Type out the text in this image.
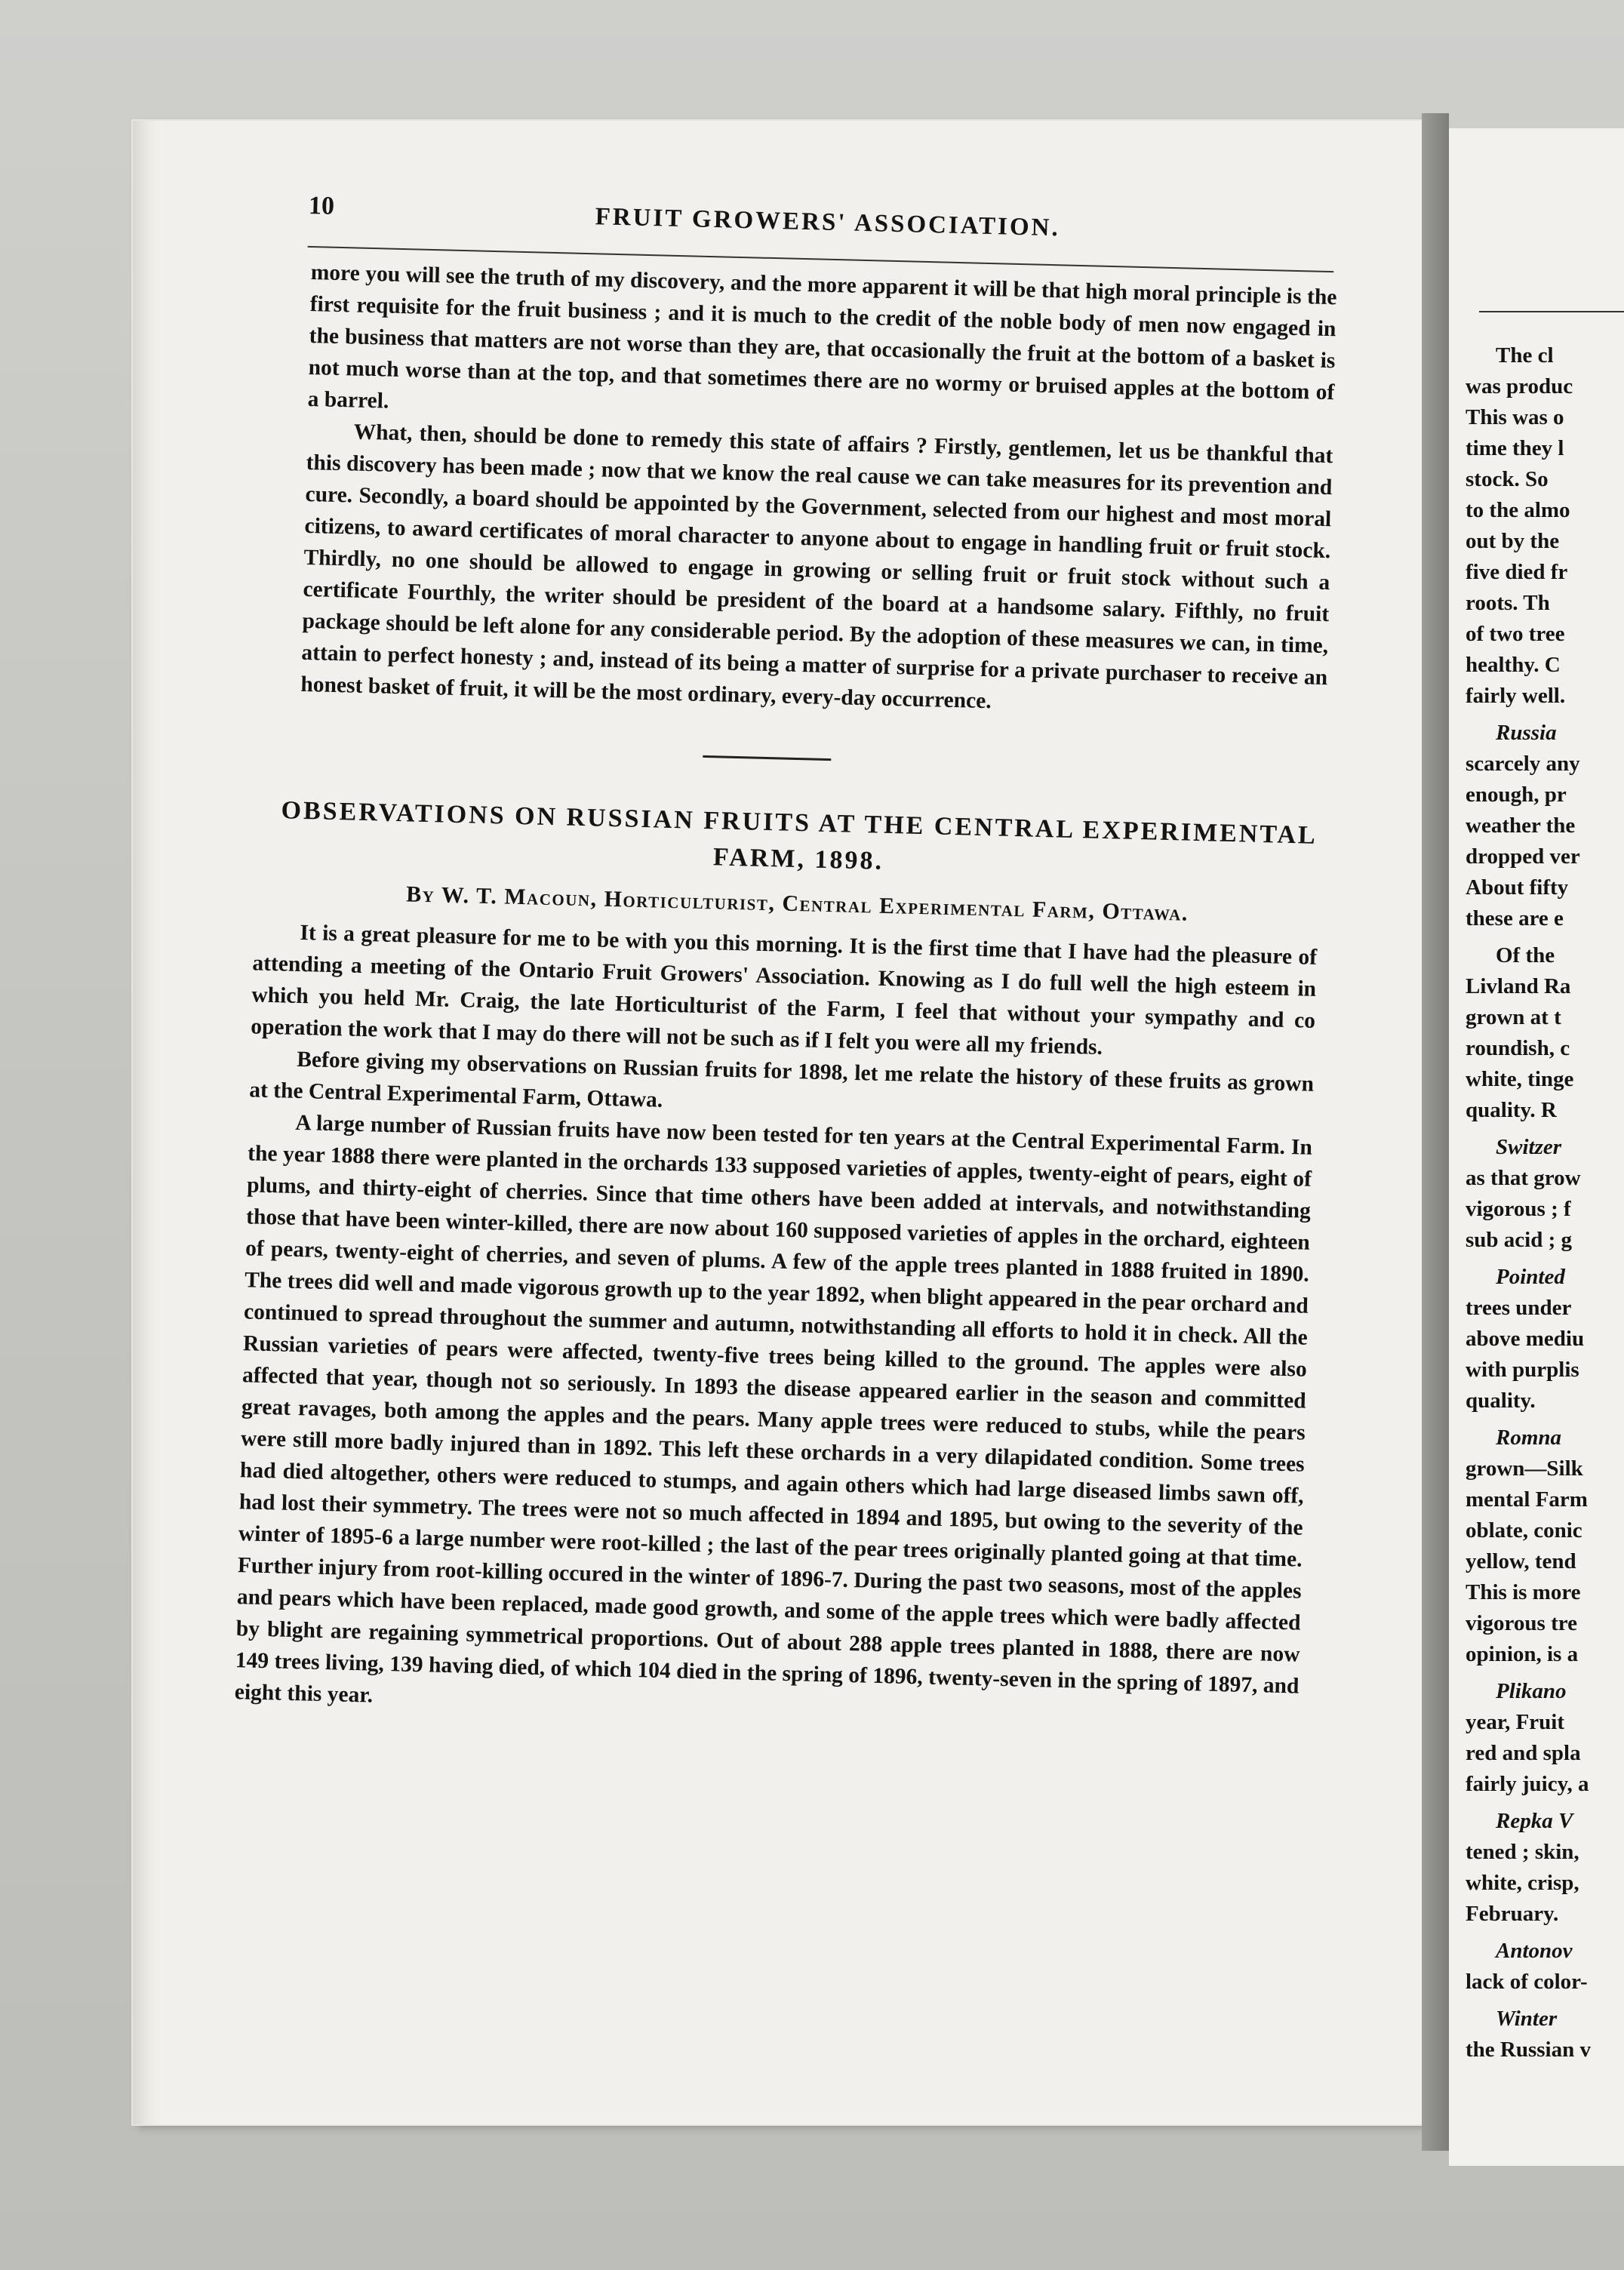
The cl
was produc
This was o
time they l
stock. So
to the almo
out by the
five died fr
roots. Th
of two tree
healthy. C
fairly well.
Russia
scarcely any
enough, pr
weather the
dropped ver
About fifty
these are e
Of the
Livland Ra
grown at t
roundish, c
white, tinge
quality. R
Switzer
as that grow
vigorous ; f
sub acid ; g
Pointed
trees under
above mediu
with purplis
quality.
Romna
grown—Silk
mental Farm
oblate, conic
yellow, tend
This is more
vigorous tre
opinion, is a
Plikano
year, Fruit
red and spla
fairly juicy, a
Repka V
tened ; skin,
white, crisp,
February.
Antonov
lack of color-
Winter
the Russian v
10	FRUIT GROWERS' ASSOCIATION.

more you will see the truth of my discovery, and the more apparent it will be that high moral principle is the first requisite for the fruit business ; and it is much to the credit of the noble body of men now engaged in the business that matters are not worse than they are, that occasionally the fruit at the bottom of a basket is not much worse than at the top, and that sometimes there are no wormy or bruised apples at the bottom of a barrel.

What, then, should be done to remedy this state of affairs ? Firstly, gentlemen, let us be thankful that this discovery has been made ; now that we know the real cause we can take measures for its prevention and cure. Secondly, a board should be appointed by the Government, selected from our highest and most moral citizens, to award certificates of moral character to anyone about to engage in handling fruit or fruit stock. Thirdly, no one should be allowed to engage in growing or selling fruit or fruit stock without such a certificate Fourthly, the writer should be president of the board at a handsome salary. Fifthly, no fruit package should be left alone for any considerable period. By the adoption of these measures we can, in time, attain to perfect honesty ; and, instead of its being a matter of surprise for a private purchaser to receive an honest basket of fruit, it will be the most ordinary, every-day occurrence.

OBSERVATIONS ON RUSSIAN FRUITS AT THE CENTRAL EXPERIMENTAL FARM, 1898.
By W. T. Macoun, Horticulturist, Central Experimental Farm, Ottawa.

It is a great pleasure for me to be with you this morning. It is the first time that I have had the pleasure of attending a meeting of the Ontario Fruit Growers' Association. Knowing as I do full well the high esteem in which you held Mr. Craig, the late Horticulturist of the Farm, I feel that without your sympathy and co operation the work that I may do there will not be such as if I felt you were all my friends.

Before giving my observations on Russian fruits for 1898, let me relate the history of these fruits as grown at the Central Experimental Farm, Ottawa.

A large number of Russian fruits have now been tested for ten years at the Central Experimental Farm. In the year 1888 there were planted in the orchards 133 supposed varieties of apples, twenty-eight of pears, eight of plums, and thirty-eight of cherries. Since that time others have been added at intervals, and notwithstanding those that have been winter-killed, there are now about 160 supposed varieties of apples in the orchard, eighteen of pears, twenty-eight of cherries, and seven of plums. A few of the apple trees planted in 1888 fruited in 1890. The trees did well and made vigorous growth up to the year 1892, when blight appeared in the pear orchard and continued to spread throughout the summer and autumn, notwithstanding all efforts to hold it in check. All the Russian varieties of pears were affected, twenty-five trees being killed to the ground. The apples were also affected that year, though not so seriously. In 1893 the disease appeared earlier in the season and committed great ravages, both among the apples and the pears. Many apple trees were reduced to stubs, while the pears were still more badly injured than in 1892. This left these orchards in a very dilapidated condition. Some trees had died altogether, others were reduced to stumps, and again others which had large diseased limbs sawn off, had lost their symmetry. The trees were not so much affected in 1894 and 1895, but owing to the severity of the winter of 1895-6 a large number were root-killed ; the last of the pear trees originally planted going at that time. Further injury from root-killing occured in the winter of 1896-7. During the past two seasons, most of the apples and pears which have been replaced, made good growth, and some of the apple trees which were badly affected by blight are regaining symmetrical proportions. Out of about 288 apple trees planted in 1888, there are now 149 trees living, 139 having died, of which 104 died in the spring of 1896, twenty-seven in the spring of 1897, and eight this year.
